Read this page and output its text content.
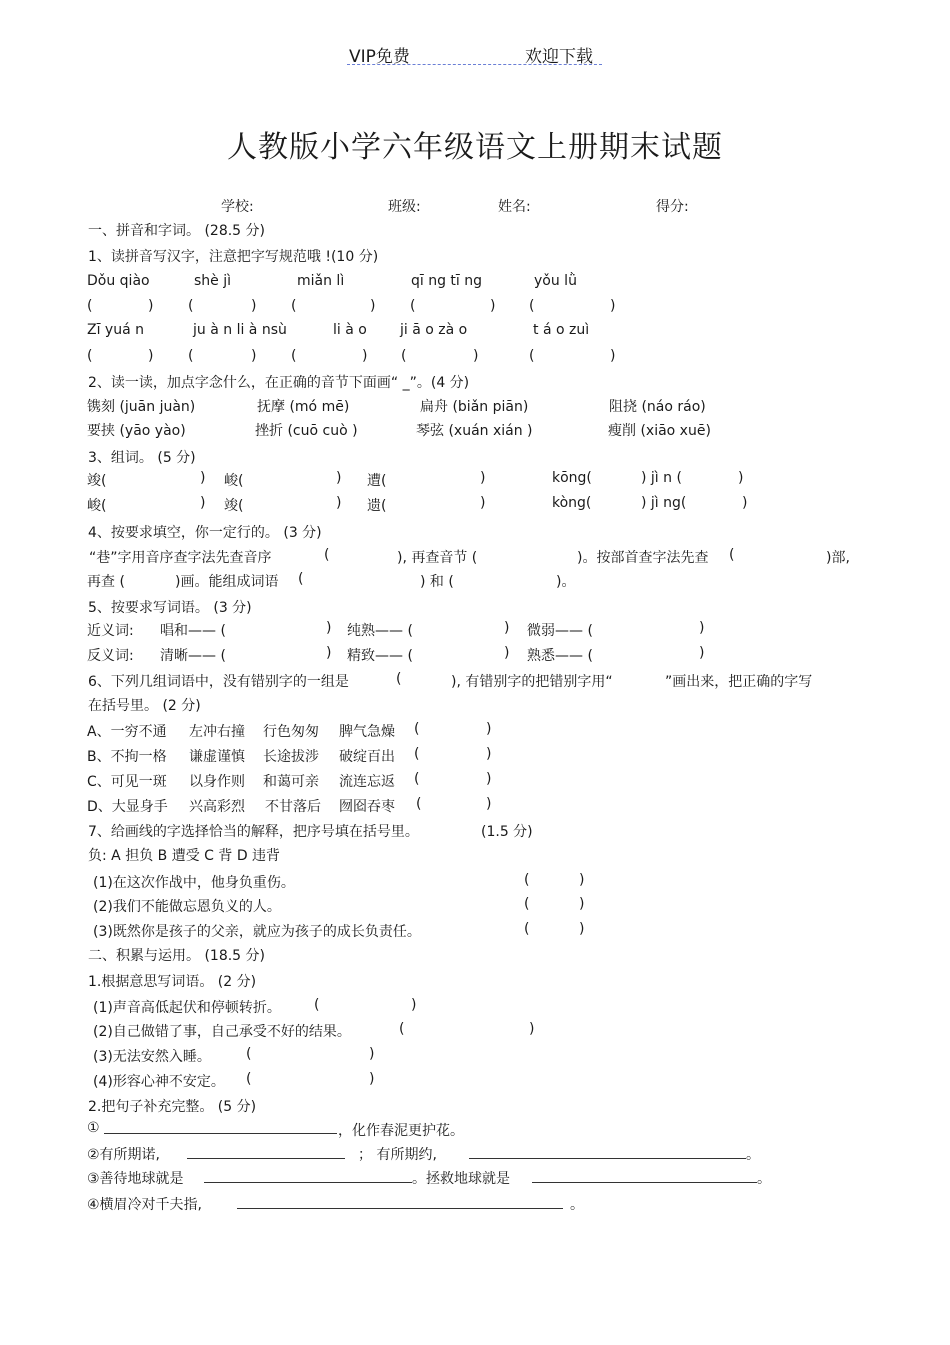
VIP免费	欢迎下载
人教版小学六年级语文上册期末试题
学校:	班级:	姓名:	得分:
一、拼音和字词。 (28.5 分)
1、读拼音写汉字，注意把字写规范哦 !(10 分)
Dǒu qiào	shè jì	miǎn lì	qī ng tī ng	yǒu lǜ
(	) (	) (	) (	) (	)
Zī yuá n	ju à n li à nsù	li à o ji ā o zà o	t á o zuì
(	) (	) (	) (	)	(	)
2、读一读，加点字念什么，在正确的音节下面画“ _”。(4 分)
镌刻 (juān juàn)	抚摩 (mó mē)	扁舟 (biǎn piān)	阻挠 (náo ráo)
要挟 (yāo yào)	挫折 (cuō cuò )	琴弦 (xuán xián )	瘦削 (xiāo xuē)
3、组词。 (5 分)
竣(	) 峻(	) 遭(	)	kōng(	) jì n (	)
峻(	) 竣(	) 遗(	)	kòng(	) jì ng(	)
4、按要求填空，你一定行的。 (3 分)
“巷”字用音序查字法先查音序	(	), 再查音节 (	)。按部首查字法先查 (	)部,
再查 (	)画。能组成词语 (	) 和 (	)。
5、按要求写词语。 (3 分)
近义词: 唱和—— (	) 纯熟—— (	) 微弱—— (	)
反义词: 清晰—— (	) 精致—— (	) 熟悉—— (	)
6、下列几组词语中，没有错别字的一组是	(	), 有错别字的把错别字用“	”画出来，把正确的字写
在括号里。 (2 分)
A、一穷不通 左冲右撞 行色匆匆 脾气急燥 (	)
B、不拘一格 谦虚谨慎 长途拔涉 破绽百出 (	)
C、可见一斑 以身作则 和蔼可亲 流连忘返 (	)
D、大显身手 兴高彩烈 不甘落后 囫囵吞枣 (	)
7、给画线的字选择恰当的解释，把序号填在括号里。	(1.5 分)
负: A 担负 B 遭受 C 背 D 违背
(1)在这次作战中，他身负重伤。	(	)
(2)我们不能做忘恩负义的人。	(	)
(3)既然你是孩子的父亲，就应为孩子的成长负责任。	(	)
二、积累与运用。 (18.5 分)
1.根据意思写词语。 (2 分)
(1)声音高低起伏和停顿转折。 (	)
(2)自己做错了事，自己承受不好的结果。	(	)
(3)无法安然入睡。	(	)
(4)形容心神不安定。 (	)
2.把句子补充完整。 (5 分)
①	，化作春泥更护花。
②有所期诺,	； 有所期约,	。
③善待地球就是	。拯救地球就是	。
④横眉冷对千夫指,	。
